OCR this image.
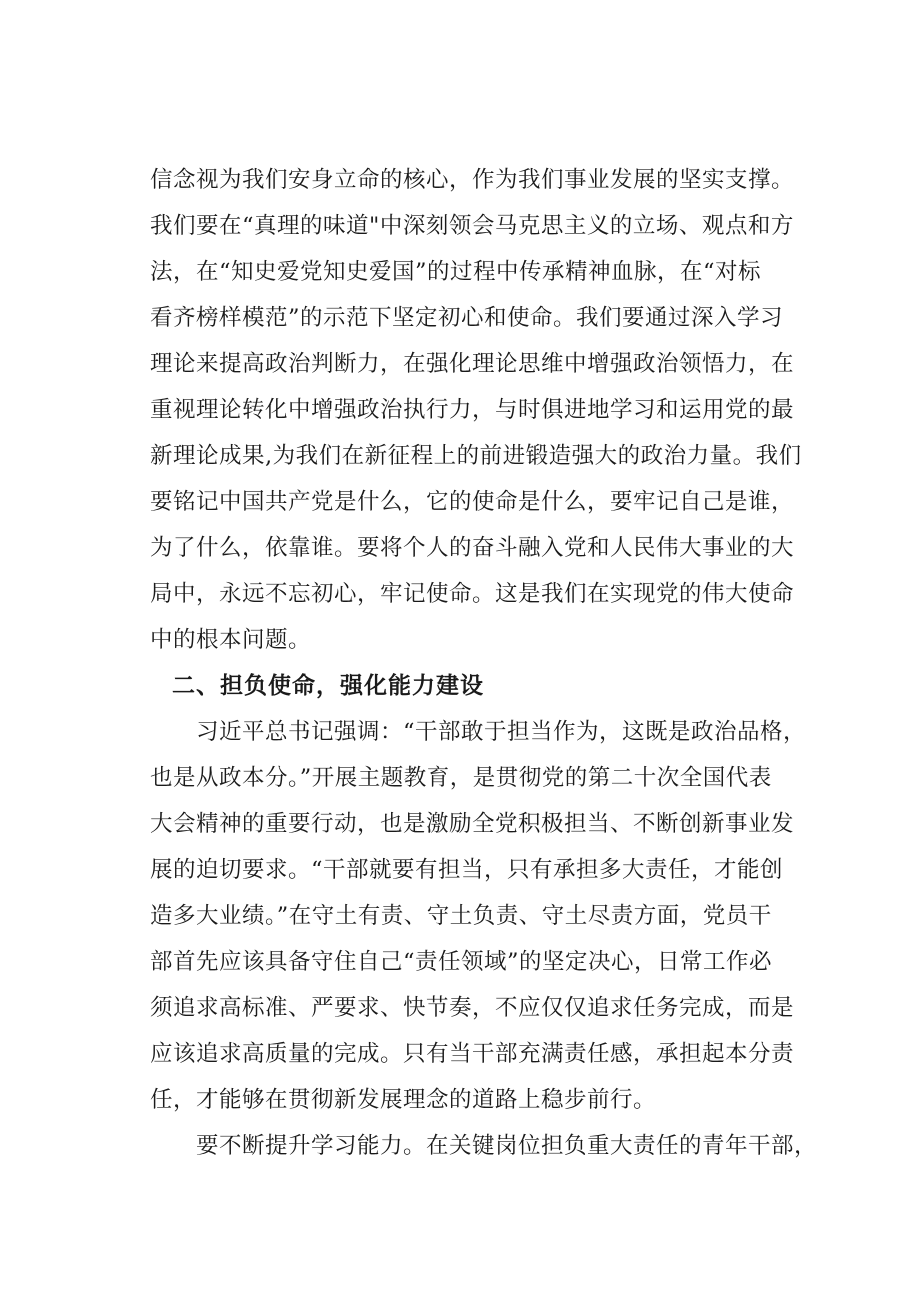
信念视为我们安身立命的核心，作为我们事业发展的坚实支撑。
我们要在“真理的味道"中深刻领会马克思主义的立场、观点和方
法，在“知史爱党知史爱国”的过程中传承精神血脉，在“对标
看齐榜样模范”的示范下坚定初心和使命。我们要通过深入学习
理论来提高政治判断力，在强化理论思维中增强政治领悟力，在
重视理论转化中增强政治执行力，与时俱进地学习和运用党的最
新理论成果,为我们在新征程上的前进锻造强大的政治力量。我们
要铭记中国共产党是什么，它的使命是什么，要牢记自己是谁，
为了什么，依靠谁。要将个人的奋斗融入党和人民伟大事业的大
局中，永远不忘初心，牢记使命。这是我们在实现党的伟大使命
中的根本问题。
二、担负使命，强化能力建设
习近平总书记强调：“干部敢于担当作为，这既是政治品格，
也是从政本分。”开展主题教育，是贯彻党的第二十次全国代表
大会精神的重要行动，也是激励全党积极担当、不断创新事业发
展的迫切要求。“干部就要有担当，只有承担多大责任，才能创
造多大业绩。”在守土有责、守土负责、守土尽责方面，党员干
部首先应该具备守住自己“责任领域”的坚定决心，日常工作必
须追求高标准、严要求、快节奏，不应仅仅追求任务完成，而是
应该追求高质量的完成。只有当干部充满责任感，承担起本分责
任，才能够在贯彻新发展理念的道路上稳步前行。
要不断提升学习能力。在关键岗位担负重大责任的青年干部，
